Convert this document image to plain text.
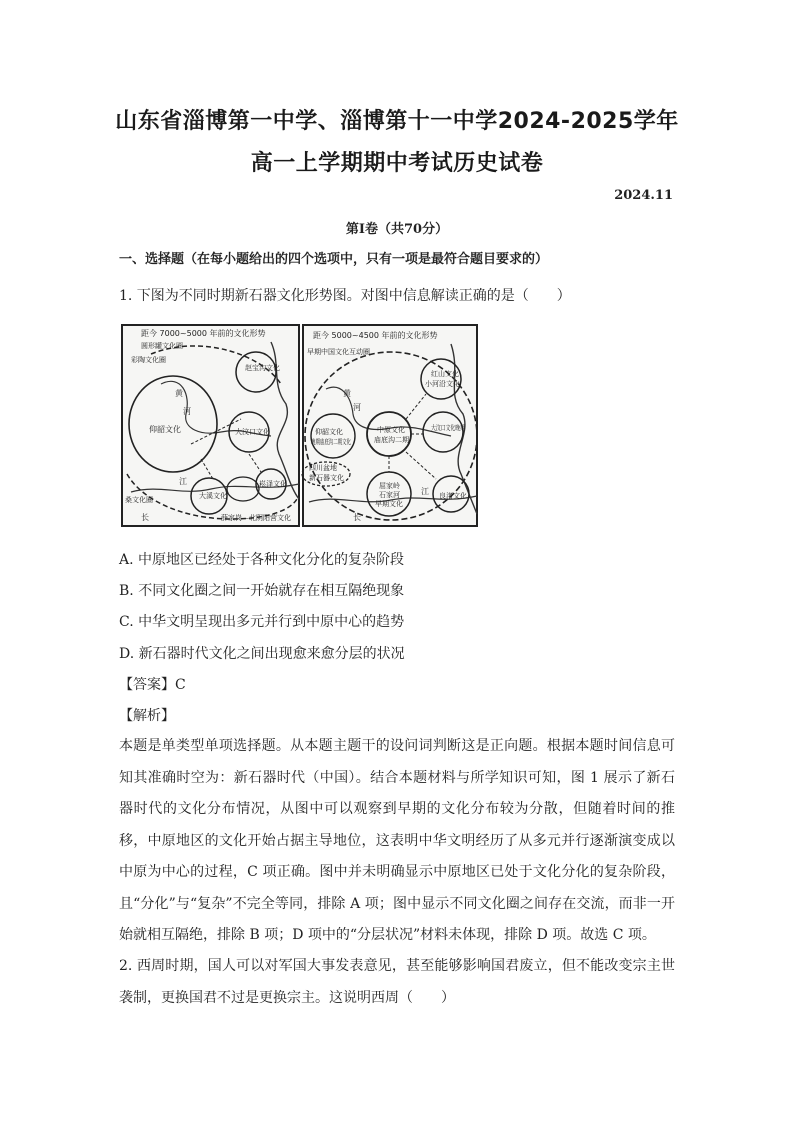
山东省淄博第一中学、淄博第十一中学2024-2025学年
高一上学期期中考试历史试卷
2024.11
第Ⅰ卷（共70分）
一、选择题（在每小题给出的四个选项中，只有一项是最符合题目要求的）
1. 下图为不同时期新石器文化形势图。对图中信息解读正确的是（　　）
距今 7000~5000 年前的文化形势
圆形罐文化圈
彩陶文化圈
赵宝沟文化
黄
河
仰韶文化	大汶口文化
江
大溪文化
崧泽文化
桑文化圈
长	薛家岗—北阴阳营文化
距今 5000~4500 年前的文化形势
早期中国文化互动圈
红山文化
小河沿文化
黄
河
仰韶文化
晚期庙底沟二期文化
中原文化
庙底沟二期
大汶口文化晚期
四川盆地
新石器文化
屈家岭
石家河
早期文化
江
长
良渚文化
A. 中原地区已经处于各种文化分化的复杂阶段
B. 不同文化圈之间一开始就存在相互隔绝现象
C. 中华文明呈现出多元并行到中原中心的趋势
D. 新石器时代文化之间出现愈来愈分层的状况
【答案】C
【解析】
本题是单类型单项选择题。从本题主题干的设问词判断这是正向题。根据本题时间信息可知其准确时空为：新石器时代（中国）。结合本题材料与所学知识可知，图 1 展示了新石器时代的文化分布情况，从图中可以观察到早期的文化分布较为分散，但随着时间的推移，中原地区的文化开始占据主导地位，这表明中华文明经历了从多元并行逐渐演变成以中原为中心的过程，C 项正确。图中并未明确显示中原地区已处于文化分化的复杂阶段，且“分化”与“复杂”不完全等同，排除 A 项；图中显示不同文化圈之间存在交流，而非一开始就相互隔绝，排除 B 项；D 项中的“分层状况”材料未体现，排除 D 项。故选 C 项。
2. 西周时期，国人可以对军国大事发表意见，甚至能够影响国君废立，但不能改变宗主世袭制，更换国君不过是更换宗主。这说明西周（　　）
